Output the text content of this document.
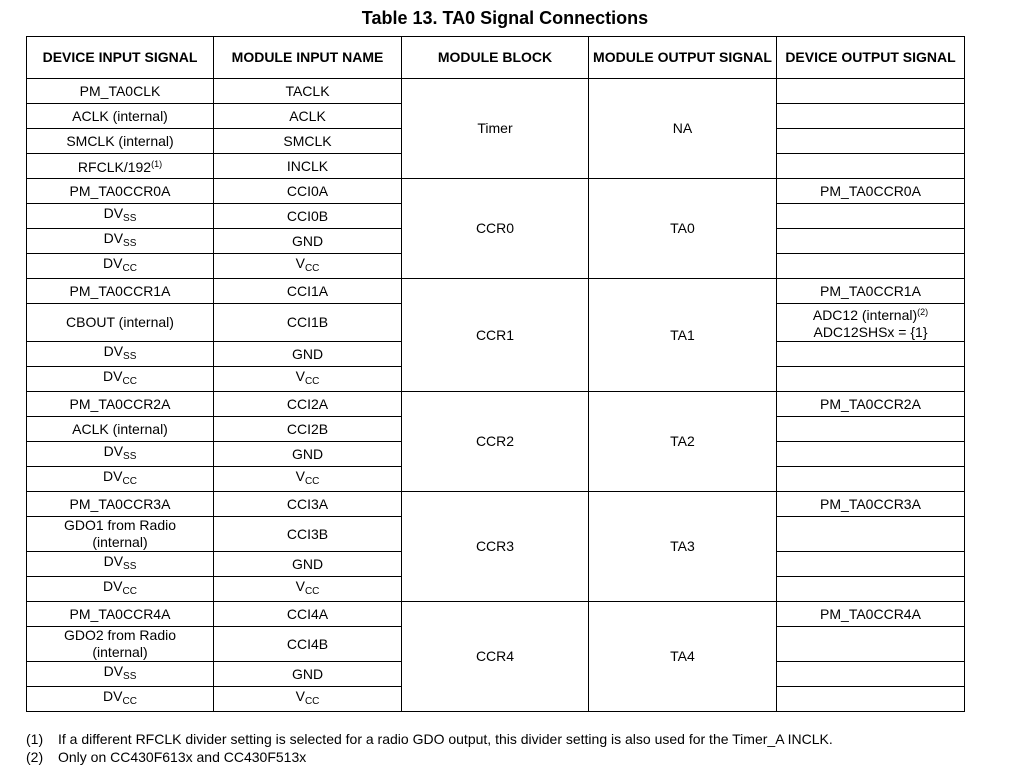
Table 13. TA0 Signal Connections
DEVICE INPUT SIGNAL	MODULE INPUT NAME	MODULE BLOCK	MODULE OUTPUT SIGNAL	DEVICE OUTPUT SIGNAL
PM_TA0CLK	TACLK	Timer	NA	
ACLK (internal)	ACLK			
SMCLK (internal)	SMCLK			
RFCLK/192$^{(1)}$	INCLK			
PM_TA0CCR0A	CCI0A	CCR0	TA0	PM_TA0CCR0A
$DV_{SS}$	CCI0B			
$DV_{SS}$	GND			
$DV_{CC}$	$V_{CC}$	
PM_TA0CCR1A	CCI1A	CCR1	TA1	PM_TA0CCR1A
CBOUT (internal)	CCI1B			ADC12 (internal)$^{(2)}$
ADC12SHSx = {1}
$DV_{SS}$	GND			
$DV_{CC}$	$V_{CC}$	
PM_TA0CCR2A	CCI2A	CCR2	TA2	PM_TA0CCR2A
ACLK (internal)	CCI2B			
$DV_{SS}$	GND			
$DV_{CC}$	$V_{CC}$	
PM_TA0CCR3A	CCI3A	CCR3	TA3	PM_TA0CCR3A
GDO1 from Radio
(internal)	CCI3B			
$DV_{SS}$	GND			
$DV_{CC}$	$V_{CC}$	
PM_TA0CCR4A	CCI4A	CCR4	TA4	PM_TA0CCR4A
GDO2 from Radio
(internal)	CCI4B			
$DV_{SS}$	GND			
$DV_{CC}$	$V_{CC}$	
(1)	If a different RFCLK divider setting is selected for a radio GDO output, this divider setting is also used for the Timer_A INCLK.
(2)	Only on CC430F613x and CC430F513x
